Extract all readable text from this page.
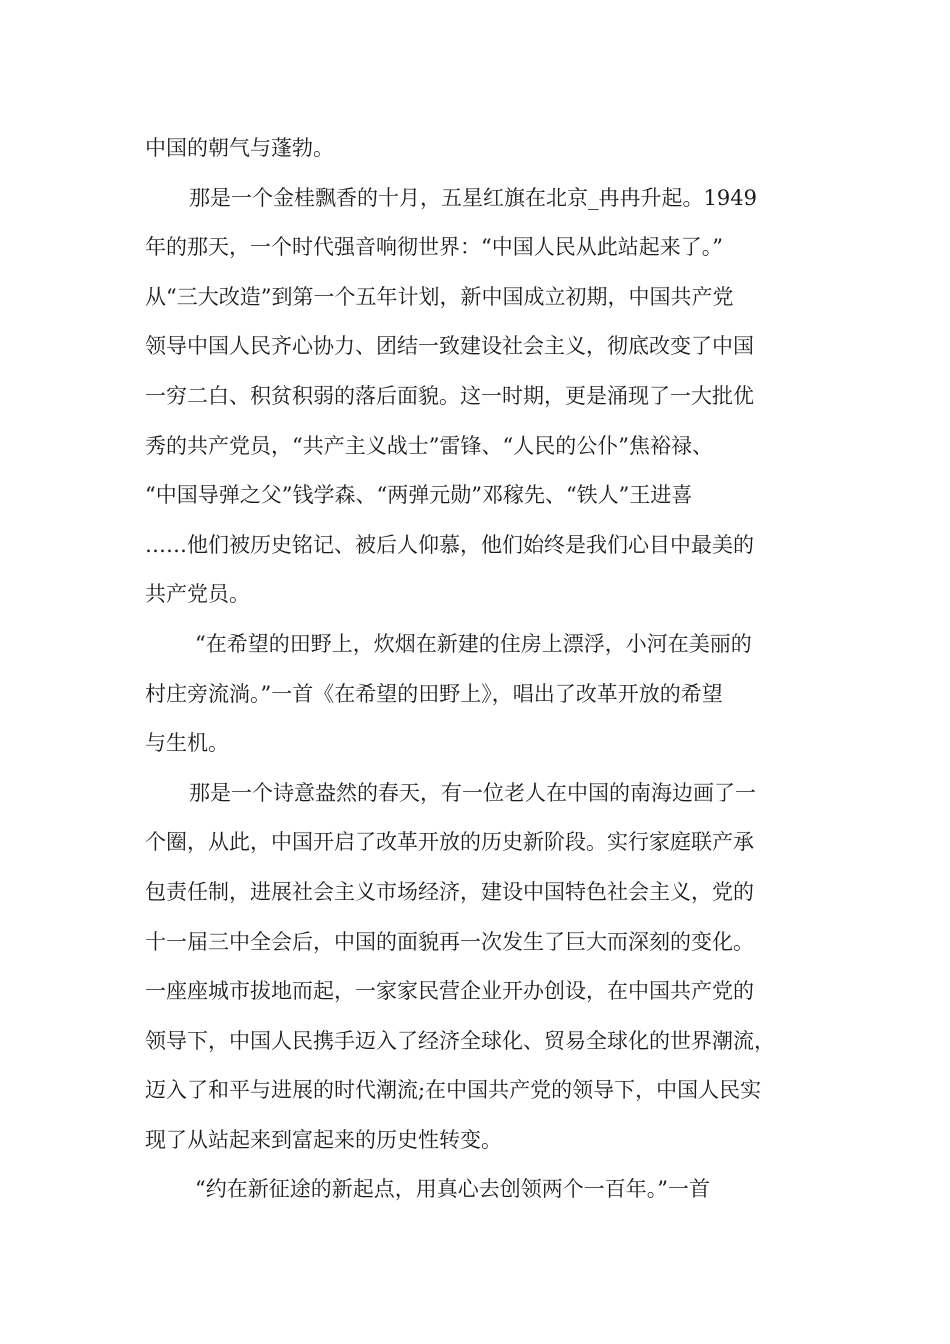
中国的朝气与蓬勃。
那是一个金桂飘香的十月，五星红旗在北京_冉冉升起。1949
年的那天，一个时代强音响彻世界：“中国人民从此站起来了。”
从“三大改造”到第一个五年计划，新中国成立初期，中国共产党
领导中国人民齐心协力、团结一致建设社会主义，彻底改变了中国
一穷二白、积贫积弱的落后面貌。这一时期，更是涌现了一大批优
秀的共产党员，“共产主义战士”雷锋、“人民的公仆”焦裕禄、
“中国导弹之父”钱学森、“两弹元勋”邓稼先、“铁人”王进喜
……他们被历史铭记、被后人仰慕，他们始终是我们心目中最美的
共产党员。
“在希望的田野上，炊烟在新建的住房上漂浮，小河在美丽的
村庄旁流淌。”一首《在希望的田野上》，唱出了改革开放的希望
与生机。
那是一个诗意盎然的春天，有一位老人在中国的南海边画了一
个圈，从此，中国开启了改革开放的历史新阶段。实行家庭联产承
包责任制，进展社会主义市场经济，建设中国特色社会主义，党的
十一届三中全会后，中国的面貌再一次发生了巨大而深刻的变化。
一座座城市拔地而起，一家家民营企业开办创设，在中国共产党的
领导下，中国人民携手迈入了经济全球化、贸易全球化的世界潮流，
迈入了和平与进展的时代潮流;在中国共产党的领导下，中国人民实
现了从站起来到富起来的历史性转变。
“约在新征途的新起点，用真心去创领两个一百年。”一首
